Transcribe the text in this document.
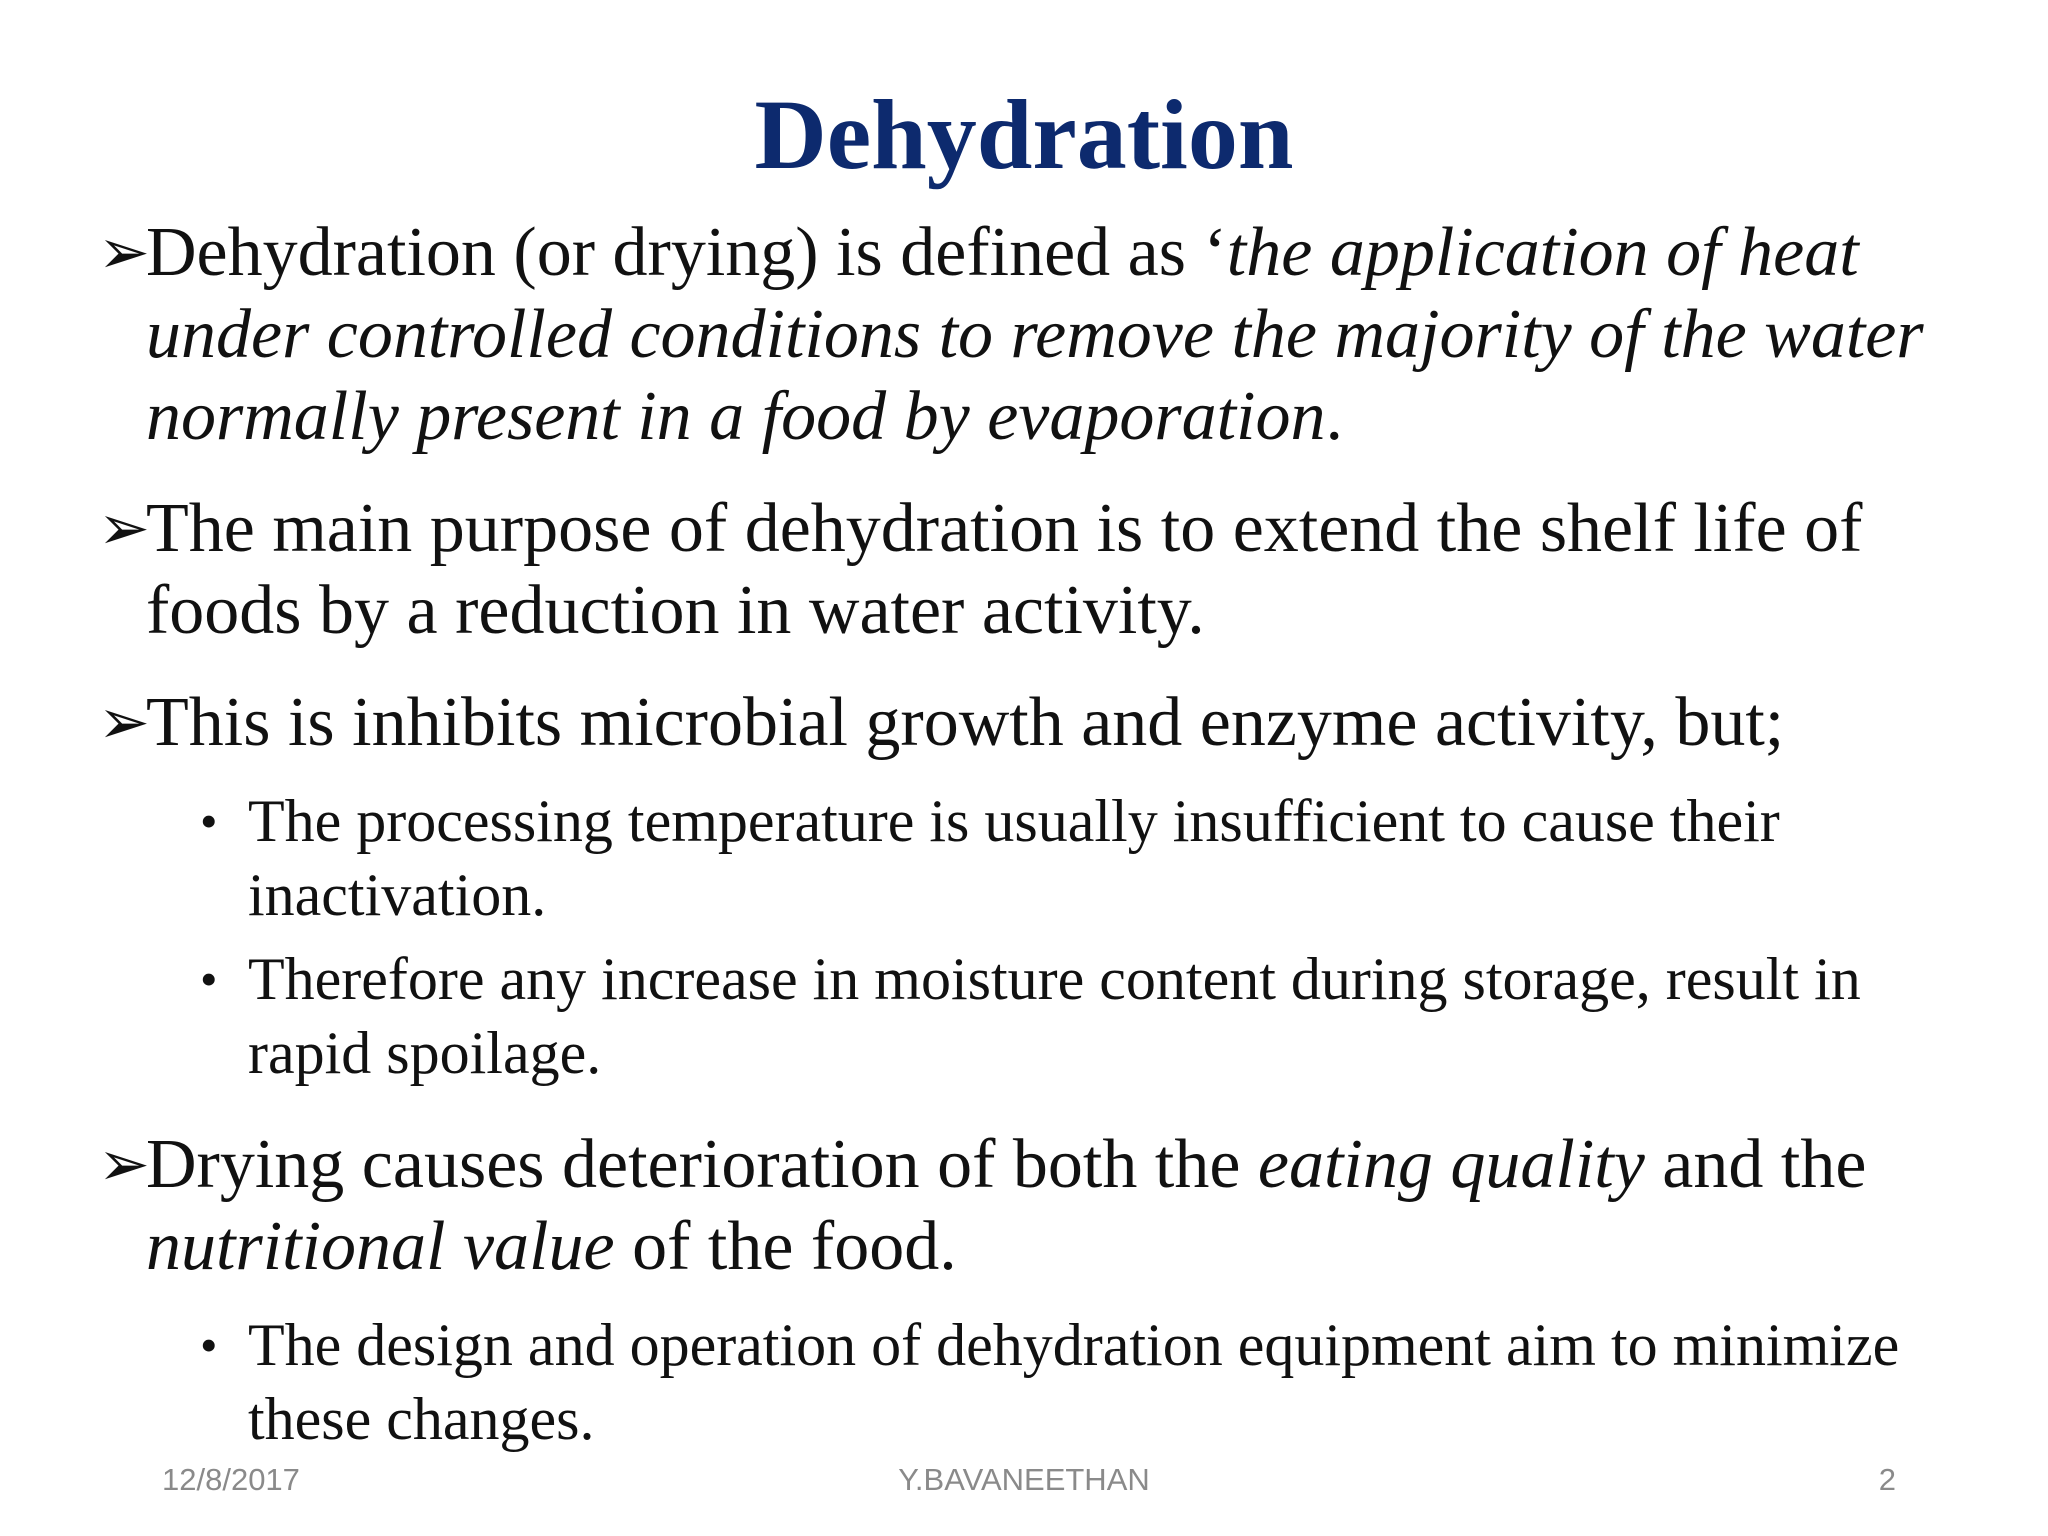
Dehydration
➢
Dehydration (or drying) is defined as ‘the application of heat under controlled conditions to remove the majority of the water normally present in a food by evaporation.
➢
The main purpose of dehydration is to extend the shelf life of foods by a reduction in water activity.
➢
This is inhibits microbial growth and enzyme activity, but;
• The processing temperature is usually insufficient to cause their inactivation.
• Therefore any increase in moisture content during storage, result in rapid spoilage.
➢
Drying causes deterioration of both the eating quality and the nutritional value of the food.
• The design and operation of dehydration equipment aim to minimize these changes.
12/8/2017	Y.BAVANEETHAN	2
